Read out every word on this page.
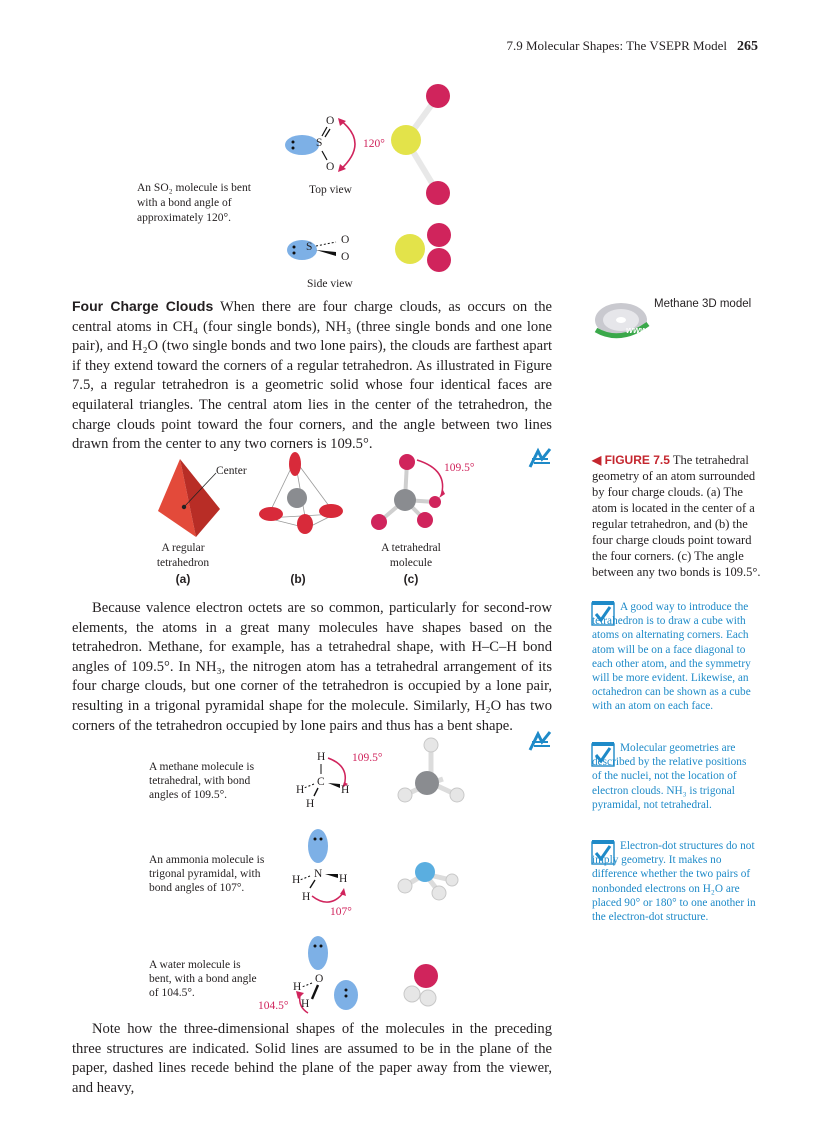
7.9 Molecular Shapes: The VSEPR Model 265
An SO₂ molecule is bent with a bond angle of approximately 120°.
S
O
O
120°
Top view
S
O
O
Side view
Four Charge Clouds When there are four charge clouds, as occurs on the central atoms in CH₄ (four single bonds), NH₃ (three single bonds and one lone pair), and H₂O (two single bonds and two lone pairs), the clouds are farthest apart if they extend toward the corners of a regular tetrahedron. As illustrated in Figure 7.5, a regular tetrahedron is a geometric solid whose four identical faces are equilateral triangles. The central atom lies in the center of the tetrahedron, the charge clouds point toward the four corners, and the angle between two lines drawn from the center to any two corners is 109.5°.
www
Methane 3D model
Center
A regular tetrahedron
109.5°
A tetrahedral molecule
(a)	(b)	(c)
◀ FIGURE 7.5 The tetrahedral geometry of an atom surrounded by four charge clouds. (a) The atom is located in the center of a regular tetrahedron, and (b) the four charge clouds point toward the four corners. (c) The angle between any two bonds is 109.5°.
Because valence electron octets are so common, particularly for second-row elements, the atoms in a great many molecules have shapes based on the tetrahedron. Methane, for example, has a tetrahedral shape, with H–C–H bond angles of 109.5°. In NH₃, the nitrogen atom has a tetrahedral arrangement of its four charge clouds, but one corner of the tetrahedron is occupied by a lone pair, resulting in a trigonal pyramidal shape for the molecule. Similarly, H₂O has two corners of the tetrahedron occupied by lone pairs and thus has a bent shape.
A good way to introduce the tetrahedron is to draw a cube with atoms on alternating corners. Each atom will be on a face diagonal to each other atom, and the symmetry will be more evident. Likewise, an octahedron can be shown as a cube with an atom on each face.
Molecular geometries are described by the relative positions of the nuclei, not the location of electron clouds. NH₃ is trigonal pyramidal, not tetrahedral.
Electron-dot structures do not imply geometry. It makes no difference whether the two pairs of nonbonded electrons on H₂O are placed 90° or 180° to one another in the electron-dot structure.
A methane molecule is tetrahedral, with bond angles of 109.5°.
H
C
H	H
H
109.5°
An ammonia molecule is trigonal pyramidal, with bond angles of 107°.
N
H	H
H
107°
A water molecule is bent, with a bond angle of 104.5°.
O
H
H
104.5°
Note how the three-dimensional shapes of the molecules in the preceding three structures are indicated. Solid lines are assumed to be in the plane of the paper, dashed lines recede behind the plane of the paper away from the viewer, and heavy,
